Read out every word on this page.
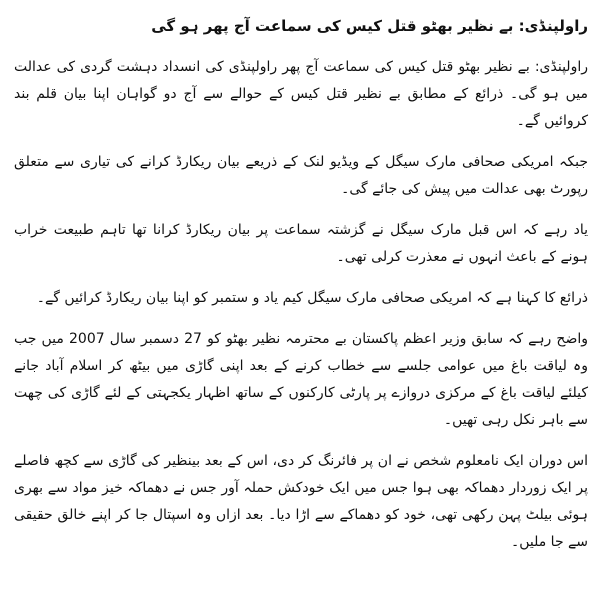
راولپنڈی: بے نظیر بھٹو قتل کیس کی سماعت آج پھر ہو گی

راولپنڈی: بے نظیر بھٹو قتل کیس کی سماعت آج پھر راولپنڈی کی انسداد دہشت گردی کی عدالت میں ہو گی۔ ذرائع کے مطابق بے نظیر قتل کیس کے حوالے سے آج دو گواہان اپنا بیان قلم بند کروائیں گے۔

جبکہ امریکی صحافی مارک سیگل کے ویڈیو لنک کے ذریعے بیان ریکارڈ کرانے کی تیاری سے متعلق رپورٹ بھی عدالت میں پیش کی جائے گی۔

یاد رہے کہ اس قبل مارک سیگل نے گزشتہ سماعت پر بیان ریکارڈ کرانا تھا تاہم طبیعت خراب ہونے کے باعث انہوں نے معذرت کرلی تھی۔

ذرائع کا کہنا ہے کہ امریکی صحافی مارک سیگل کیم یاد و ستمبر کو اپنا بیان ریکارڈ کرائیں گے۔

واضح رہے کہ سابق وزیر اعظم پاکستان بے محترمہ نظیر بھٹو کو 27 دسمبر سال 2007 میں جب وہ لیاقت باغ میں عوامی جلسے سے خطاب کرنے کے بعد اپنی گاڑی میں بیٹھ کر اسلام آباد جانے کیلئے لیاقت باغ کے مرکزی دروازے پر پارٹی کارکنوں کے ساتھ اظہار یکجہتی کے لئے گاڑی کی چھت سے باہر نکل رہی تھیں۔

اس دوران ایک نامعلوم شخص نے ان پر فائرنگ کر دی، اس کے بعد بینظیر کی گاڑی سے کچھ فاصلے پر ایک زوردار دھماکہ بھی ہوا جس میں ایک خودکش حملہ آور جس نے دھماکہ خیز مواد سے بھری ہوئی بیلٹ پہن رکھی تھی، خود کو دھماکے سے اڑا دیا۔ بعد ازاں وہ اسپتال جا کر اپنے خالق حقیقی سے جا ملیں۔
